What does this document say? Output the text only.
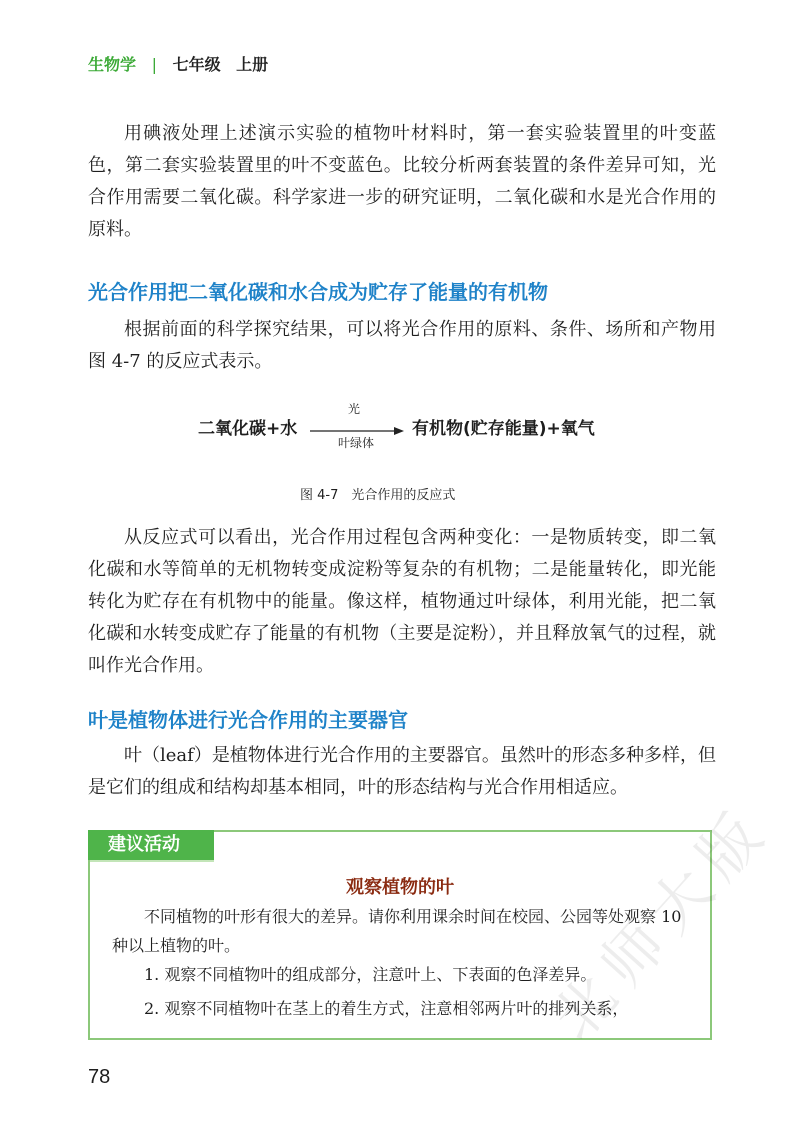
生物学 | 七年级 上册

用碘液处理上述演示实验的植物叶材料时，第一套实验装置里的叶变蓝色，第二套实验装置里的叶不变蓝色。比较分析两套装置的条件差异可知，光合作用需要二氧化碳。科学家进一步的研究证明，二氧化碳和水是光合作用的原料。

光合作用把二氧化碳和水合成为贮存了能量的有机物

根据前面的科学探究结果，可以将光合作用的原料、条件、场所和产物用图 4-7 的反应式表示。

二氧化碳+水
光
叶绿体
有机物(贮存能量)+氧气
图 4-7　光合作用的反应式

从反应式可以看出，光合作用过程包含两种变化：一是物质转变，即二氧化碳和水等简单的无机物转变成淀粉等复杂的有机物；二是能量转化，即光能转化为贮存在有机物中的能量。像这样，植物通过叶绿体，利用光能，把二氧化碳和水转变成贮存了能量的有机物（主要是淀粉），并且释放氧气的过程，就叫作光合作用。

叶是植物体进行光合作用的主要器官

叶（leaf）是植物体进行光合作用的主要器官。虽然叶的形态多种多样，但是它们的组成和结构却基本相同，叶的形态结构与光合作用相适应。

建议活动
观察植物的叶

不同植物的叶形有很大的差异。请你利用课余时间在校园、公园等处观察 10 种以上植物的叶。

1. 观察不同植物叶的组成部分，注意叶上、下表面的色泽差异。

2. 观察不同植物叶在茎上的着生方式，注意相邻两片叶的排列关系，

78
北师大版
